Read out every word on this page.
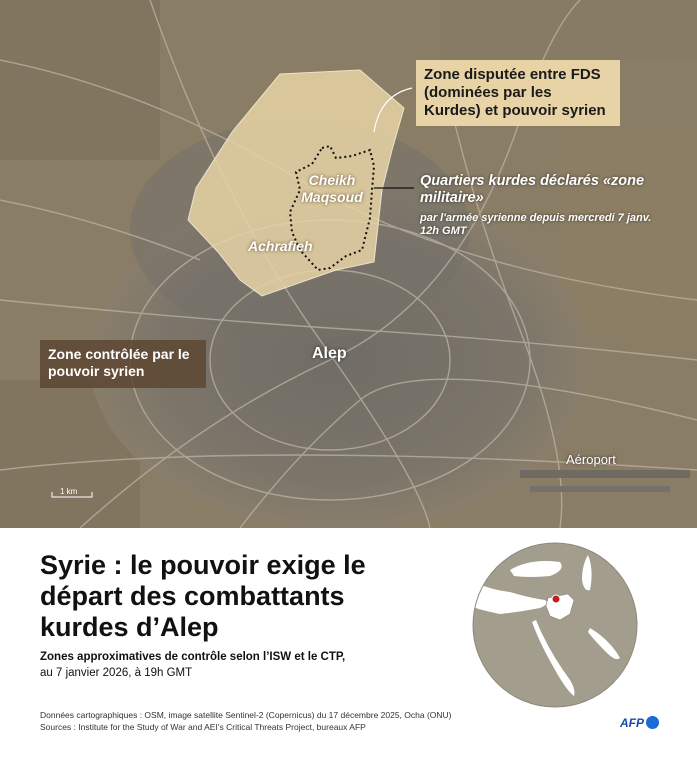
Zone disputée entre FDS (dominées par les Kurdes) et pouvoir syrien
Zone contrôlée par le pouvoir syrien
Quartiers kurdes déclarés «zone militaire»
par l'armée syrienne depuis mercredi 7 janv. 12h GMT
Cheikh Maqsoud
Achrafieh
Alep
Aéroport
1 km
Syrie : le pouvoir exige le départ des combattants kurdes d’Alep
Zones approximatives de contrôle selon l’ISW et le CTP,
au 7 janvier 2026, à 19h GMT
Données cartographiques : OSM, image satellite Sentinel-2 (Copernicus) du 17 décembre 2025, Ocha (ONU)
Sources : Institute for the Study of War and AEI’s Critical Threats Project, bureaux AFP	AFP
